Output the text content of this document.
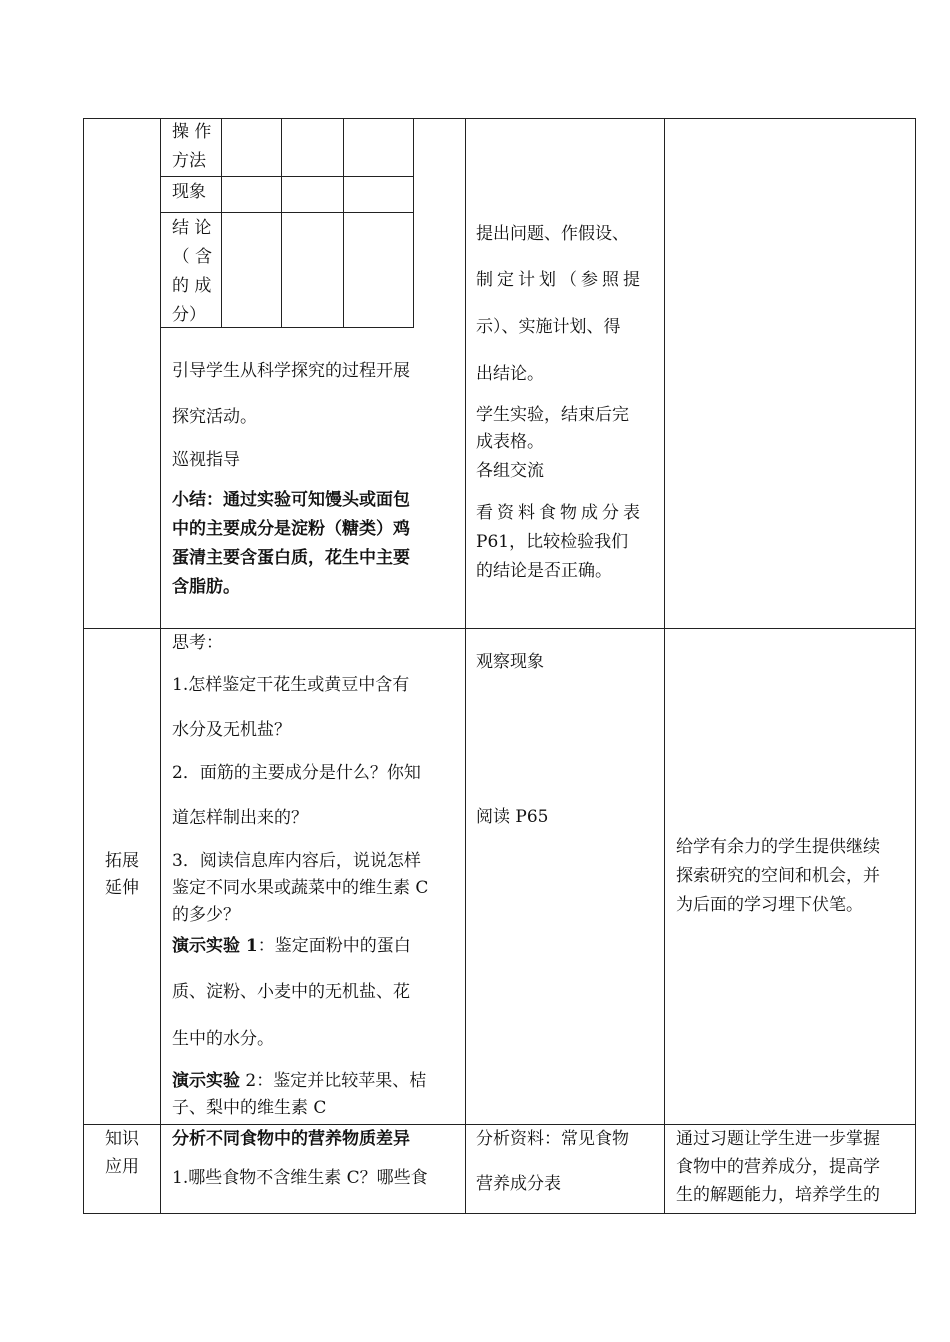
操 作
方法
现象
结 论
（ 含
的 成
分）
引导学生从科学探究的过程开展
探究活动。
巡视指导
小结：通过实验可知馒头或面包
中的主要成分是淀粉（糖类）鸡
蛋清主要含蛋白质，花生中主要
含脂肪。
提出问题、作假设、
制定计划（参照提
示）、实施计划、得
出结论。
学生实验，结束后完
成表格。
各组交流
看资料食物成分表
P61，比较检验我们
的结论是否正确。
拓展
延伸
思考：
1.怎样鉴定干花生或黄豆中含有
水分及无机盐？
2．面筋的主要成分是什么？你知
道怎样制出来的？
3．阅读信息库内容后，说说怎样
鉴定不同水果或蔬菜中的维生素 C
的多少？
演示实验 1：鉴定面粉中的蛋白
质、淀粉、小麦中的无机盐、花
生中的水分。
演示实验 2：鉴定并比较苹果、桔
子、梨中的维生素 C
观察现象
阅读 P65
给学有余力的学生提供继续
探索研究的空间和机会，并
为后面的学习埋下伏笔。
知识
应用
分析不同食物中的营养物质差异
1.哪些食物不含维生素 C？哪些食
分析资料：常见食物
营养成分表
通过习题让学生进一步掌握
食物中的营养成分，提高学
生的解题能力，培养学生的
